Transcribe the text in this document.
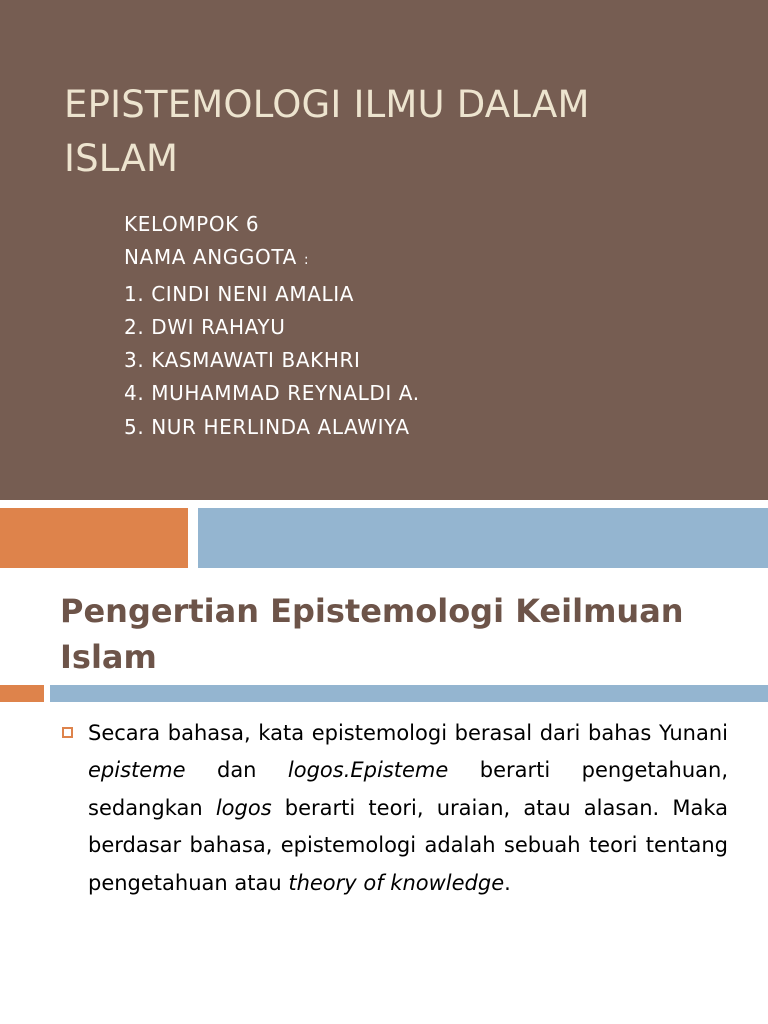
EPISTEMOLOGI ILMU DALAM ISLAM
KELOMPOK 6
NAMA ANGGOTA :
1. CINDI NENI AMALIA
2. DWI RAHAYU
3. KASMAWATI BAKHRI
4. MUHAMMAD REYNALDI A.
5. NUR HERLINDA ALAWIYA
Pengertian Epistemologi Keilmuan Islam

Secara bahasa, kata epistemologi berasal dari bahas Yunani episteme dan logos.Episteme berarti pengetahuan, sedangkan logos berarti teori, uraian, atau alasan. Maka berdasar bahasa, epistemologi adalah sebuah teori tentang pengetahuan atau theory of knowledge.
